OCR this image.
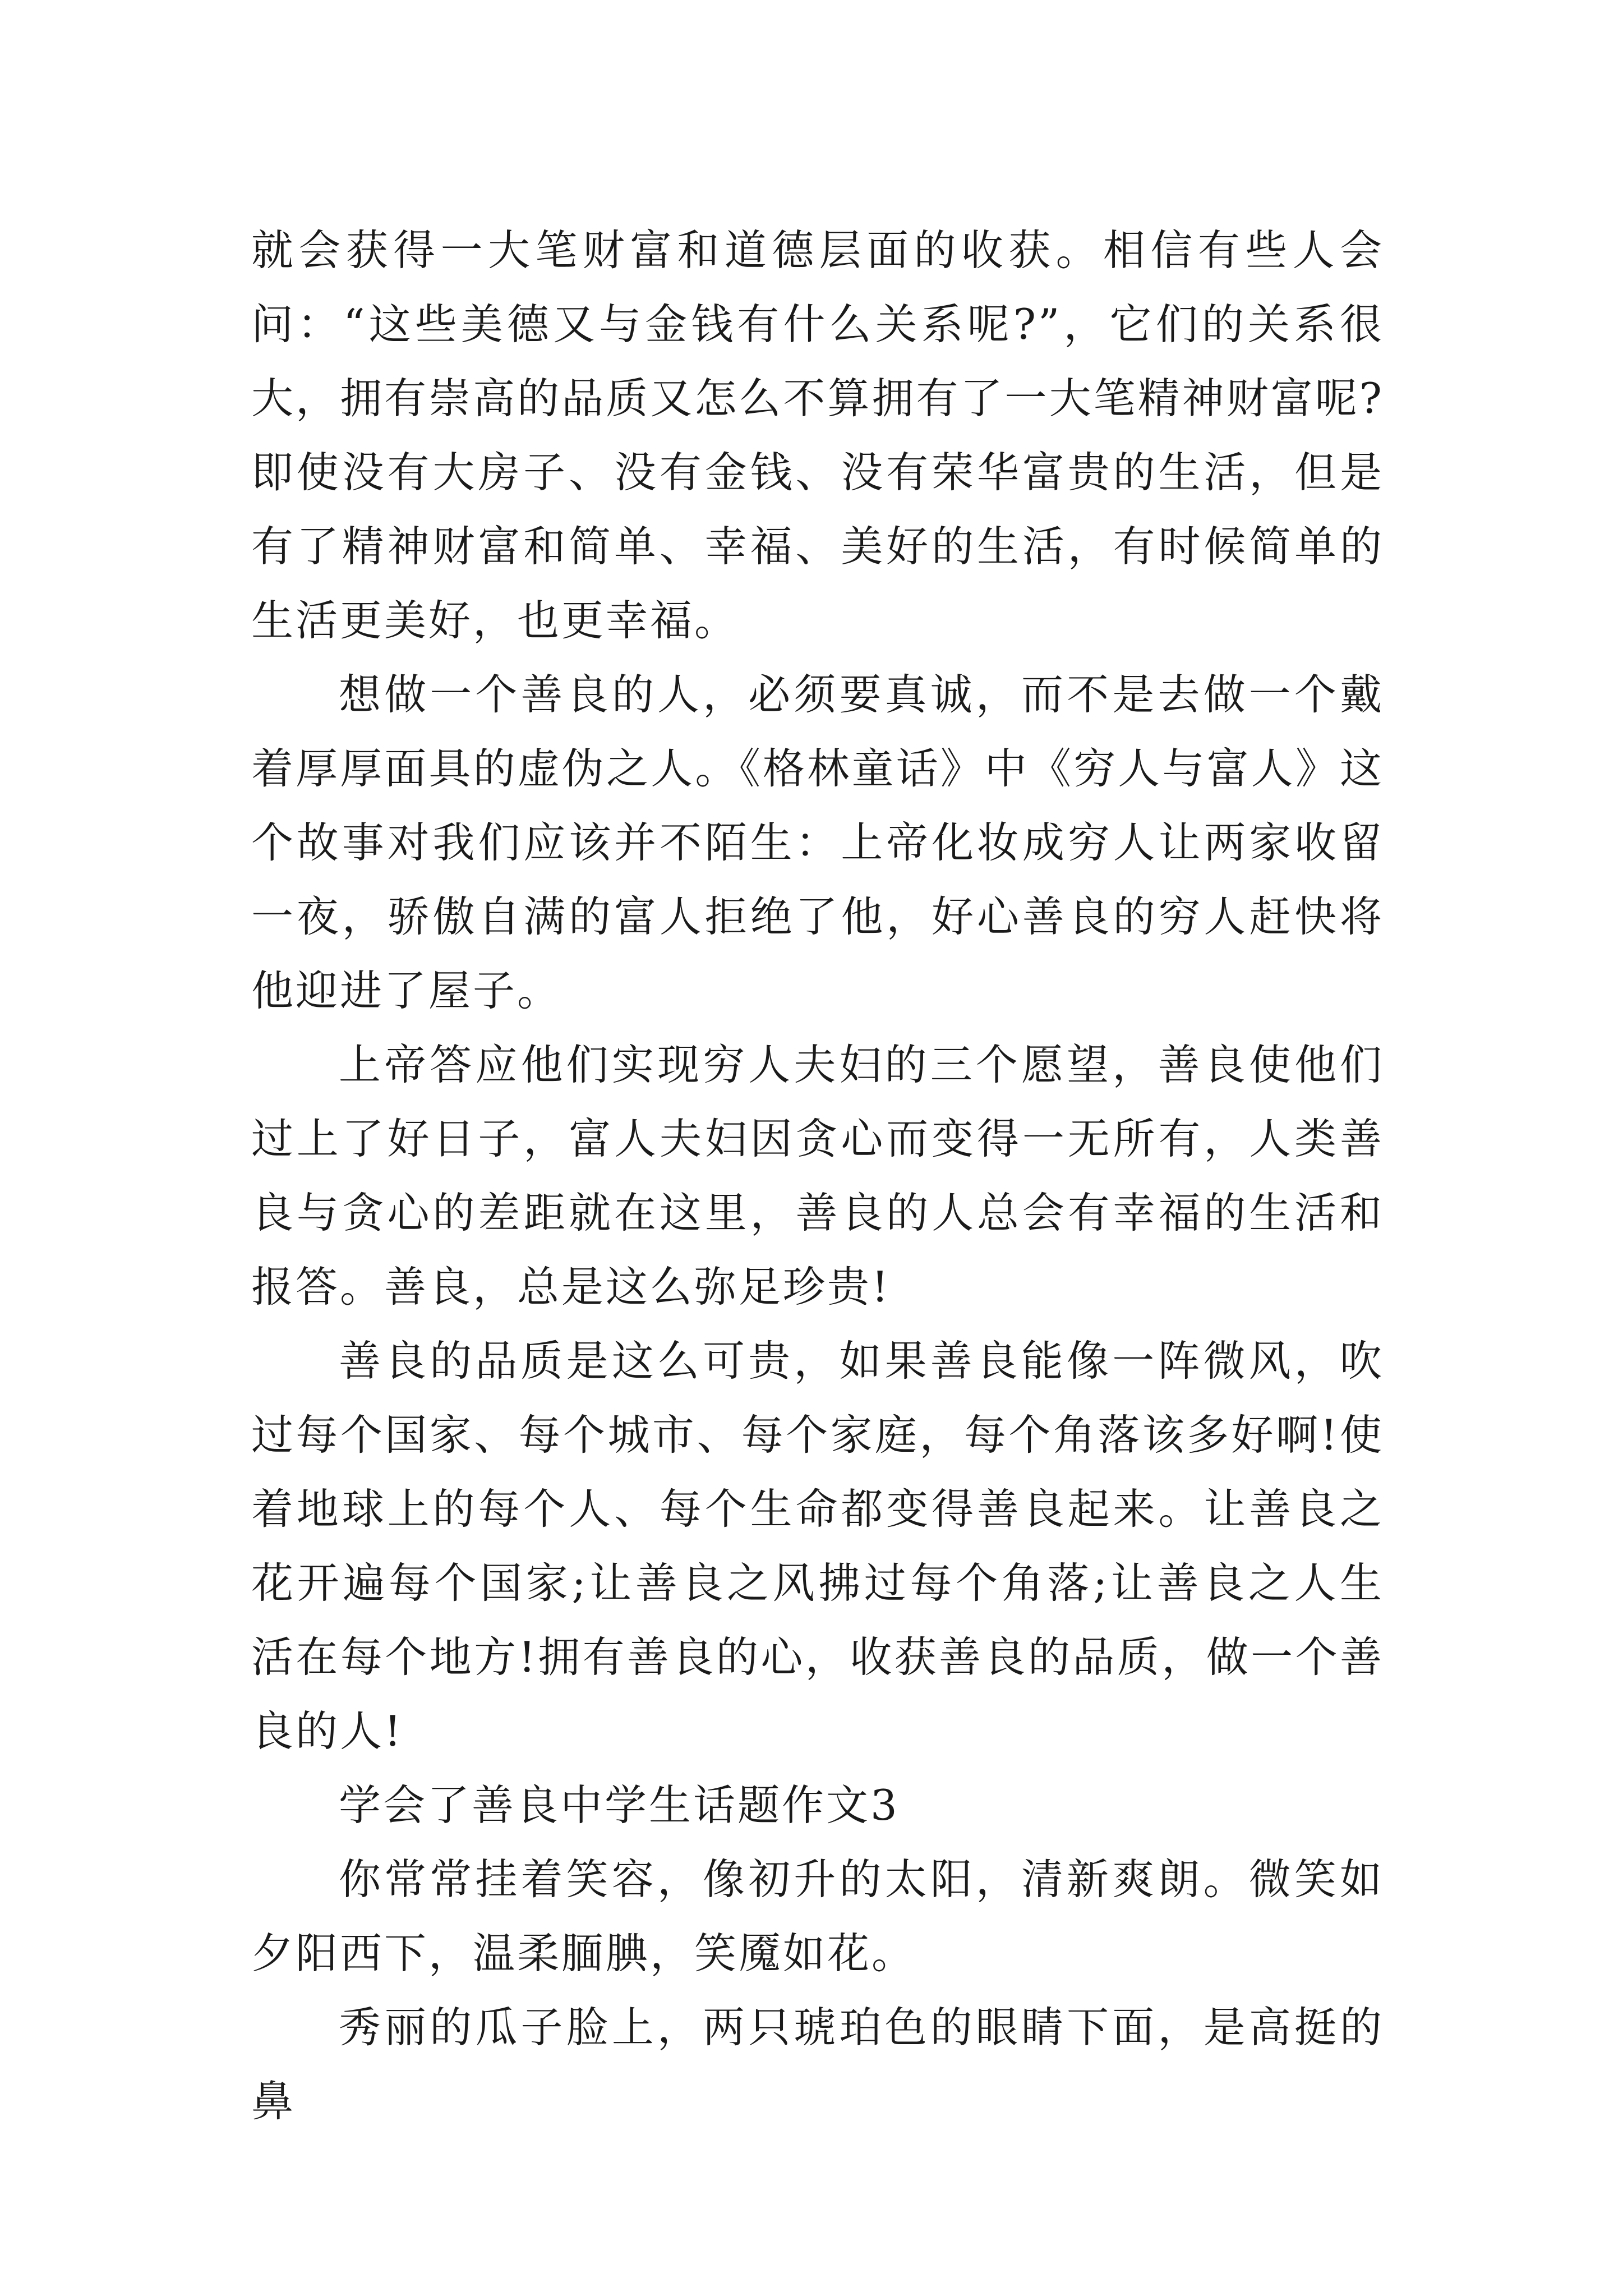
就会获得一大笔财富和道德层面的收获。相信有些人会问：“这些美德又与金钱有什么关系呢?”，它们的关系很大，拥有崇高的品质又怎么不算拥有了一大笔精神财富呢?即使没有大房子、没有金钱、没有荣华富贵的生活，但是有了精神财富和简单、幸福、美好的生活，有时候简单的生活更美好，也更幸福。

想做一个善良的人，必须要真诚，而不是去做一个戴着厚厚面具的虚伪之人。《格林童话》中《穷人与富人》这个故事对我们应该并不陌生：上帝化妆成穷人让两家收留一夜，骄傲自满的富人拒绝了他，好心善良的穷人赶快将他迎进了屋子。

上帝答应他们实现穷人夫妇的三个愿望，善良使他们过上了好日子，富人夫妇因贪心而变得一无所有，人类善良与贪心的差距就在这里，善良的人总会有幸福的生活和报答。善良，总是这么弥足珍贵!

善良的品质是这么可贵，如果善良能像一阵微风，吹过每个国家、每个城市、每个家庭，每个角落该多好啊!使着地球上的每个人、每个生命都变得善良起来。让善良之花开遍每个国家;让善良之风拂过每个角落;让善良之人生活在每个地方!拥有善良的心，收获善良的品质，做一个善良的人!

学会了善良中学生话题作文3

你常常挂着笑容，像初升的太阳，清新爽朗。微笑如夕阳西下，温柔腼腆，笑魇如花。

秀丽的瓜子脸上，两只琥珀色的眼睛下面，是高挺的鼻
